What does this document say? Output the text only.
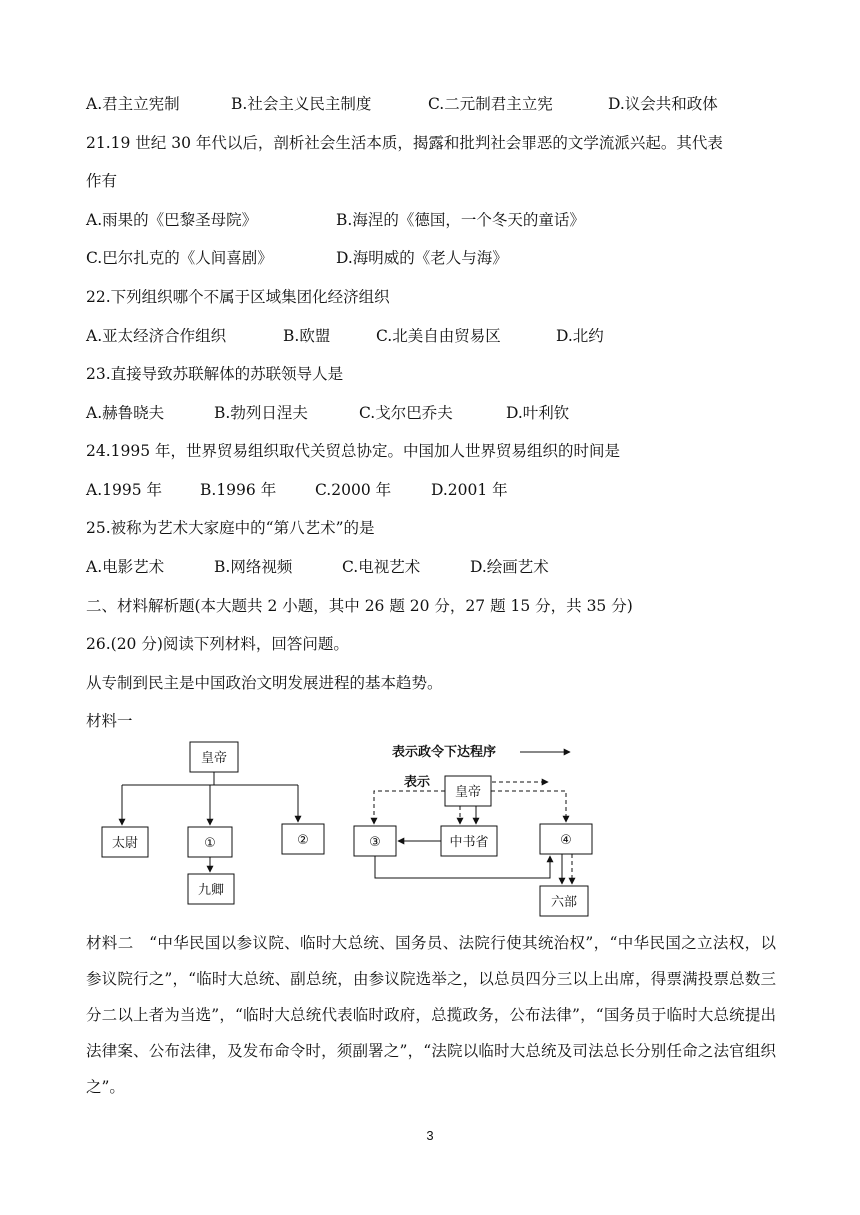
A.君主立宪制	B.社会主义民主制度	C.二元制君主立宪	D.议会共和政体
21.19 世纪 30 年代以后，剖析社会生活本质，揭露和批判社会罪恶的文学流派兴起。其代表
作有
A.雨果的《巴黎圣母院》	B.海涅的《德国，一个冬天的童话》
C.巴尔扎克的《人间喜剧》	D.海明威的《老人与海》
22.下列组织哪个不属于区域集团化经济组织
A.亚太经济合作组织	B.欧盟	C.北美自由贸易区	D.北约
23.直接导致苏联解体的苏联领导人是
A.赫鲁晓夫	B.勃列日涅夫	C.戈尔巴乔夫	D.叶利钦
24.1995 年，世界贸易组织取代关贸总协定。中国加人世界贸易组织的时间是
A.1995 年 B.1996 年	C.2000 年	D.2001 年
25.被称为艺术大家庭中的“第八艺术”的是
A.电影艺术	B.网络视频	C.电视艺术	D.绘画艺术
二、材料解析题(本大题共 2 小题，其中 26 题 20 分，27 题 15 分，共 35 分)
26.(20 分)阅读下列材料，回答问题。
从专制到民主是中国政治文明发展进程的基本趋势。
材料一
皇帝
太尉	①	②
九卿
表示政令下达程序
表示
皇帝
③	中书省	④
六部
材料二  “中华民国以参议院、临时大总统、国务员、法院行使其统治权”，“中华民国之立法权，以参议院行之”，“临时大总统、副总统，由参议院选举之，以总员四分三以上出席，得票满投票总数三分二以上者为当选”，“临时大总统代表临时政府，总揽政务，公布法律”，“国务员于临时大总统提出法律案、公布法律，及发布命令时，须副署之”，“法院以临时大总统及司法总长分别任命之法官组织之”。
3
